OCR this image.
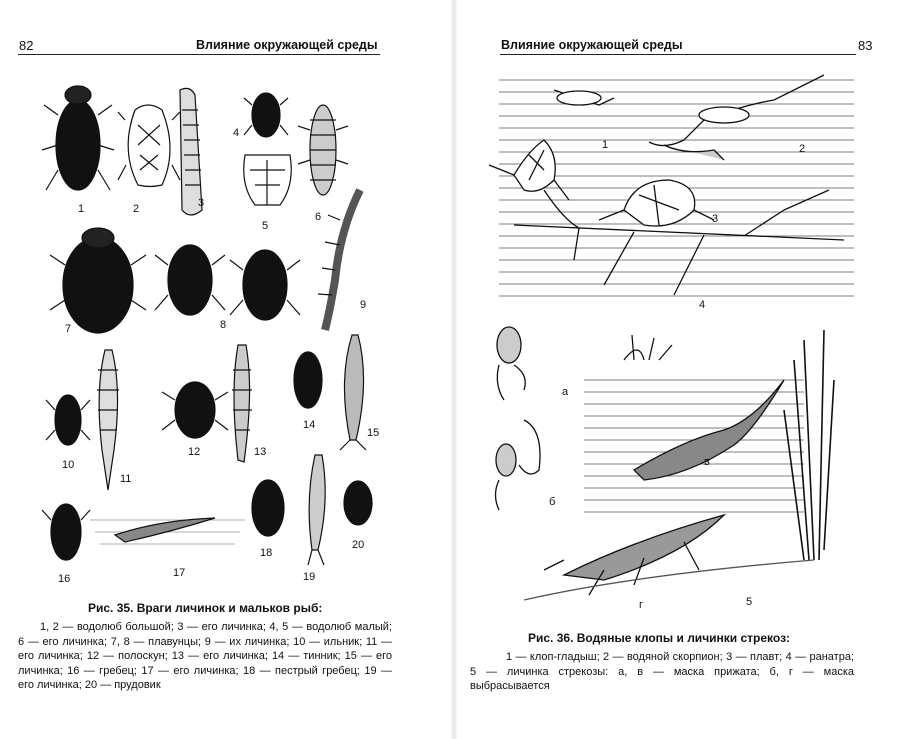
82	Влияние окружающей среды
1	2	3
4
5
6
7	8
9
10
11
12	13
14
15
16	17
18
19
20
Рис. 35. Враги личинок и мальков рыб:
1, 2 — водолюб большой; 3 — его личинка; 4, 5 — водолюб малый; 6 — его личинка; 7, 8 — плавунцы; 9 — их личинка; 10 — ильник; 11 — его личинка; 12 — полоскун; 13 — его личинка; 14 — тинник; 15 — его личинка; 16 — гребец; 17 — его личинка; 18 — пестрый гребец; 19 — его личинка; 20 — прудовик
83
Влияние окружающей среды
1	2
3
4
а
б
в
г	5
Рис. 36. Водяные клопы и личинки стрекоз:
1 — клоп-гладыш; 2 — водяной скорпион; 3 — плавт; 4 — ранатра; 5 — личинка стрекозы: а, в — маска прижата; б, г — маска выбрасывается
